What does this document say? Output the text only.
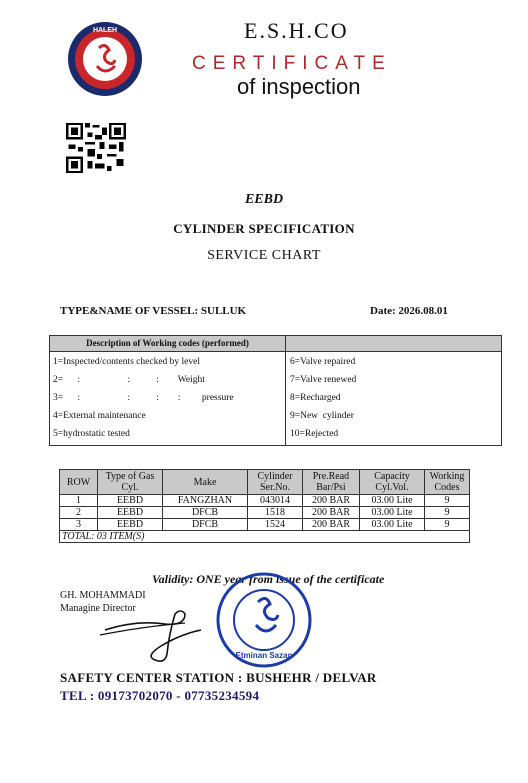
HALEH	E.S.H.CO
CERTIFICATE
of inspection
EEBD
CYLINDER SPECIFICATION
SERVICE CHART
TYPE&NAME OF VESSEL: SULLUK	Date: 2026.08.01
Description of Working codes (performed)
1=Inspected/contents checked by level
2=      :                    :           :        Weight
3=      :                    :           :        :         pressure
4=External maintenance
5=hydrostatic tested
6=Valve repaired
7=Valve renewed
8=Recharged
9=New  cylinder
10=Rejected
ROW	Type of Gas Cyl.	Make	Cylinder Ser.No.	Pre.Read Bar/Psi	Capacity Cyl.Vol.	Working Codes
1	EEBD	FANGZHAN	043014	200 BAR	03.00 Lite	9
2	EEBD	DFCB	1518	200 BAR	03.00 Lite	9
3	EEBD	DFCB	1524	200 BAR	03.00 Lite	9
TOTAL: 03 ITEM(S)						
Validity: ONE year from issue of the certificate
GH. MOHAMMADI
Managine Director
Etminan Sazan
SAFETY CENTER STATION : BUSHEHR / DELVAR
TEL : 09173702070 - 07735234594
